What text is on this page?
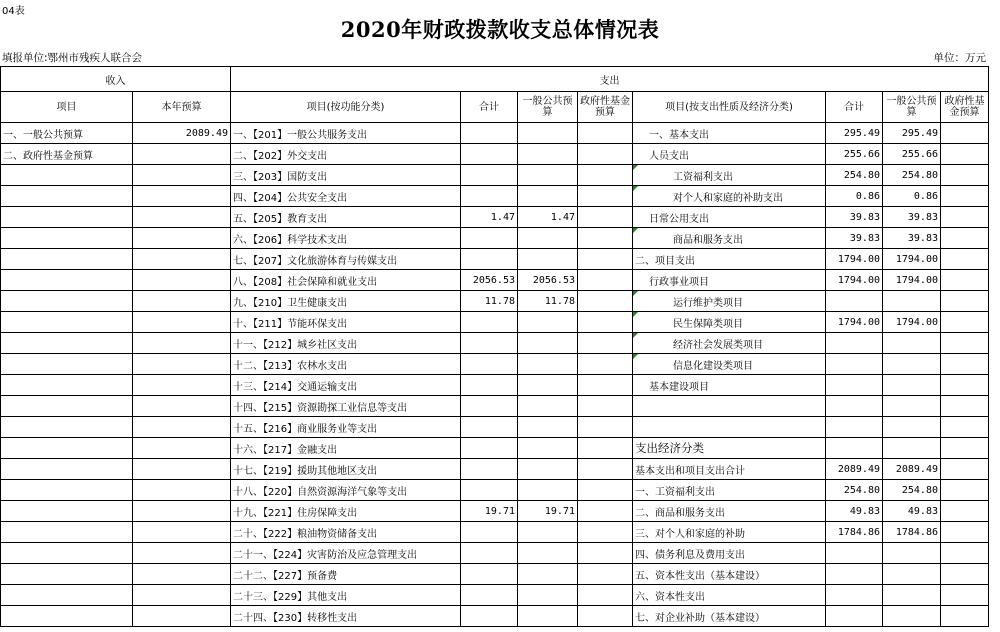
04表
2020年财政拨款收支总体情况表
填报单位:鄂州市残疾人联合会	单位：万元
收入		支出							
项目	本年预算	项目(按功能分类)	合计	一般公共预算	政府性基金预算	项目(按支出性质及经济分类)	合计	一般公共预算	政府性基金预算
一、一般公共预算	2089.49	一、【201】一般公共服务支出				一、基本支出	295.49	295.49	
二、政府性基金预算		二、【202】外交支出				人员支出	255.66	255.66	
		三、【203】国防支出				工资福利支出	254.80	254.80	
		四、【204】公共安全支出				对个人和家庭的补助支出	0.86	0.86	
		五、【205】教育支出	1.47	1.47		日常公用支出	39.83	39.83	
		六、【206】科学技术支出				商品和服务支出	39.83	39.83	
		七、【207】文化旅游体育与传媒支出				二、项目支出	1794.00	1794.00	
		八、【208】社会保障和就业支出	2056.53	2056.53		行政事业项目	1794.00	1794.00	
		九、【210】卫生健康支出	11.78	11.78		运行维护类项目			
		十、【211】节能环保支出				民生保障类项目	1794.00	1794.00	
		十一、【212】城乡社区支出				经济社会发展类项目			
		十二、【213】农林水支出				信息化建设类项目			
		十三、【214】交通运输支出				基本建设项目			
		十四、【215】资源勘探工业信息等支出							
		十五、【216】商业服务业等支出							
		十六、【217】金融支出				支出经济分类			
		十七、【219】援助其他地区支出				基本支出和项目支出合计	2089.49	2089.49	
		十八、【220】自然资源海洋气象等支出				一、工资福利支出	254.80	254.80	
		十九、【221】住房保障支出	19.71	19.71		二、商品和服务支出	49.83	49.83	
		二十、【222】粮油物资储备支出				三、对个人和家庭的补助	1784.86	1784.86	
		二十一、【224】灾害防治及应急管理支出				四、债务利息及费用支出			
		二十二、【227】预备费				五、资本性支出（基本建设）			
		二十三、【229】其他支出				六、资本性支出			
		二十四、【230】转移性支出				七、对企业补助（基本建设）			
